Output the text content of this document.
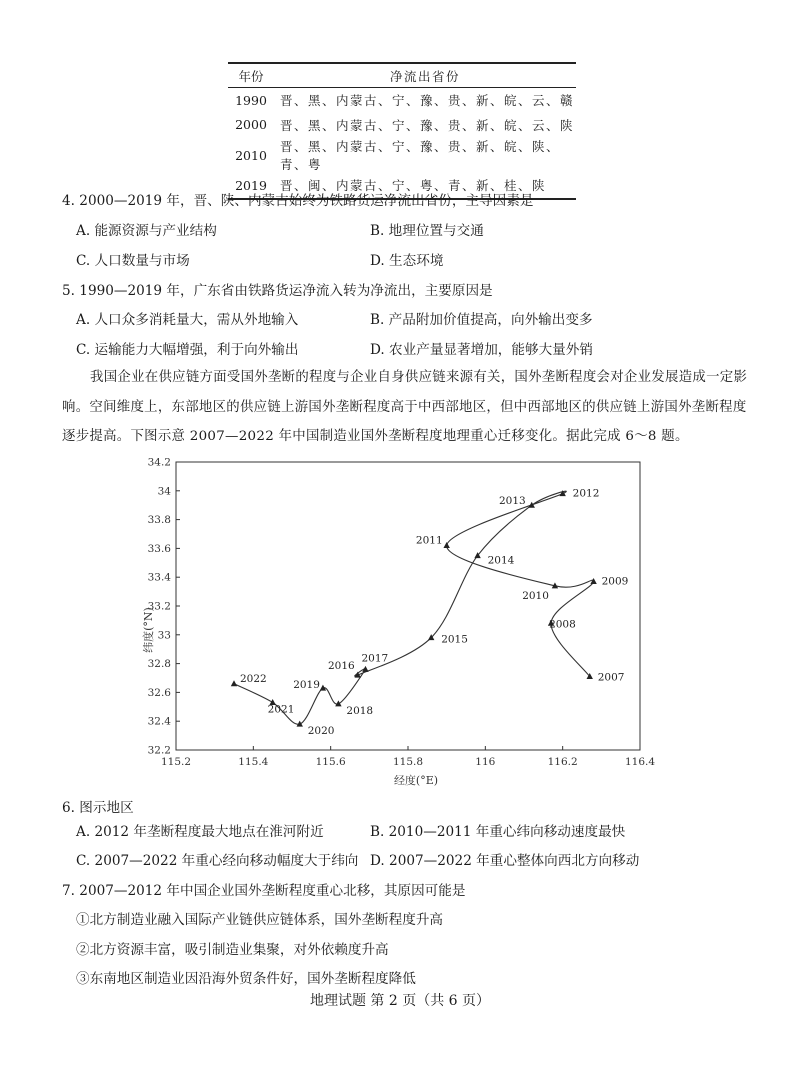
年份	净流出省份
1990	晋、黑、内蒙古、宁、豫、贵、新、皖、云、赣
2000	晋、黑、内蒙古、宁、豫、贵、新、皖、云、陕
2010	晋、黑、内蒙古、宁、豫、贵、新、皖、陕、青、粤
2019	晋、闽、内蒙古、宁、粤、青、新、桂、陕
4. 2000—2019 年，晋、陕、内蒙古始终为铁路货运净流出省份，主导因素是
A. 能源资源与产业结构	B. 地理位置与交通
C. 人口数量与市场	D. 生态环境
5. 1990—2019 年，广东省由铁路货运净流入转为净流出，主要原因是
A. 人口众多消耗量大，需从外地输入	B. 产品附加价值提高，向外输出变多
C. 运输能力大幅增强，利于向外输出	D. 农业产量显著增加，能够大量外销
我国企业在供应链方面受国外垄断的程度与企业自身供应链来源有关，国外垄断程度会对企业发展造成一定影响。空间维度上，东部地区的供应链上游国外垄断程度高于中西部地区，但中西部地区的供应链上游国外垄断程度逐步提高。下图示意 2007—2022 年中国制造业国外垄断程度地理重心迁移变化。据此完成 6～8 题。
115.2	115.4	115.6	115.8	116	116.2	116.4
32.2
32.4
32.6
32.8
33
33.2
33.4
33.6
33.8
34
34.2
2007
2008
2009
2010
2011
2012
2013
2014
2015
2016
2017
2018
2019
2020
2021
2022
纬度(°N)
经度(°E)
6. 图示地区
A. 2012 年垄断程度最大地点在淮河附近	B. 2010—2011 年重心纬向移动速度最快
C. 2007—2022 年重心经向移动幅度大于纬向 D. 2007—2022 年重心整体向西北方向移动
7. 2007—2012 年中国企业国外垄断程度重心北移，其原因可能是
①北方制造业融入国际产业链供应链体系，国外垄断程度升高
②北方资源丰富，吸引制造业集聚，对外依赖度升高
③东南地区制造业因沿海外贸条件好，国外垄断程度降低
地理试题 第 2 页（共 6 页）
